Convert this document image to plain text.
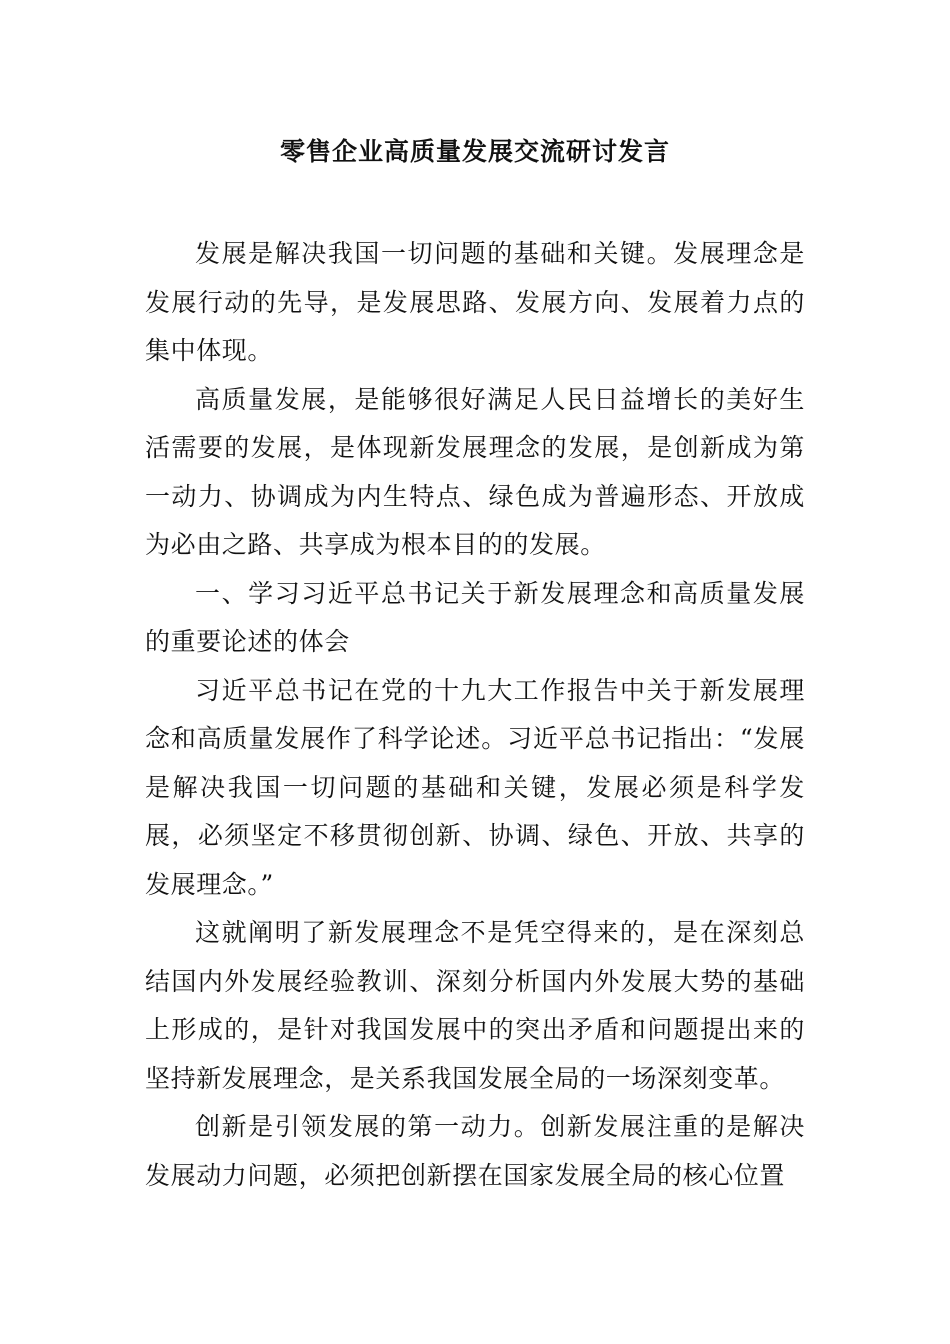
零售企业高质量发展交流研讨发言

发展是解决我国一切问题的基础和关键。发展理念是发展行动的先导，是发展思路、发展方向、发展着力点的集中体现。

高质量发展，是能够很好满足人民日益增长的美好生活需要的发展，是体现新发展理念的发展，是创新成为第一动力、协调成为内生特点、绿色成为普遍形态、开放成为必由之路、共享成为根本目的的发展。

一、学习习近平总书记关于新发展理念和高质量发展的重要论述的体会

习近平总书记在党的十九大工作报告中关于新发展理念和高质量发展作了科学论述。习近平总书记指出：“发展是解决我国一切问题的基础和关键，发展必须是科学发展，必须坚定不移贯彻创新、协调、绿色、开放、共享的发展理念。”

这就阐明了新发展理念不是凭空得来的，是在深刻总结国内外发展经验教训、深刻分析国内外发展大势的基础上形成的，是针对我国发展中的突出矛盾和问题提出来的坚持新发展理念，是关系我国发展全局的一场深刻变革。

创新是引领发展的第一动力。创新发展注重的是解决发展动力问题，必须把创新摆在国家发展全局的核心位置
